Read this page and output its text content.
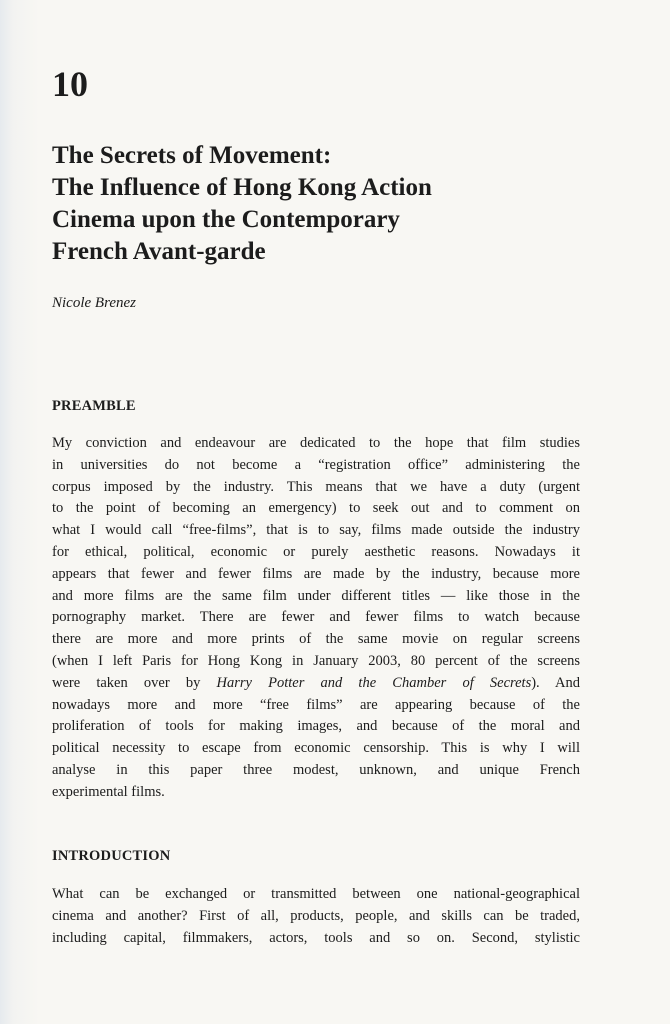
10
The Secrets of Movement:
The Influence of Hong Kong Action
Cinema upon the Contemporary
French Avant-garde

Nicole Brenez

PREAMBLE
My conviction and endeavour are dedicated to the hope that film studies
in universities do not become a “registration office” administering the
corpus imposed by the industry. This means that we have a duty (urgent
to the point of becoming an emergency) to seek out and to comment on
what I would call “free-films”, that is to say, films made outside the industry
for ethical, political, economic or purely aesthetic reasons. Nowadays it
appears that fewer and fewer films are made by the industry, because more
and more films are the same film under different titles — like those in the
pornography market. There are fewer and fewer films to watch because
there are more and more prints of the same movie on regular screens
(when I left Paris for Hong Kong in January 2003, 80 percent of the screens
were taken over by Harry Potter and the Chamber of Secrets). And
nowadays more and more “free films” are appearing because of the
proliferation of tools for making images, and because of the moral and
political necessity to escape from economic censorship. This is why I will
analyse in this paper three modest, unknown, and unique French
experimental films.
INTRODUCTION
What can be exchanged or transmitted between one national-geographical
cinema and another? First of all, products, people, and skills can be traded,
including capital, filmmakers, actors, tools and so on. Second, stylistic
